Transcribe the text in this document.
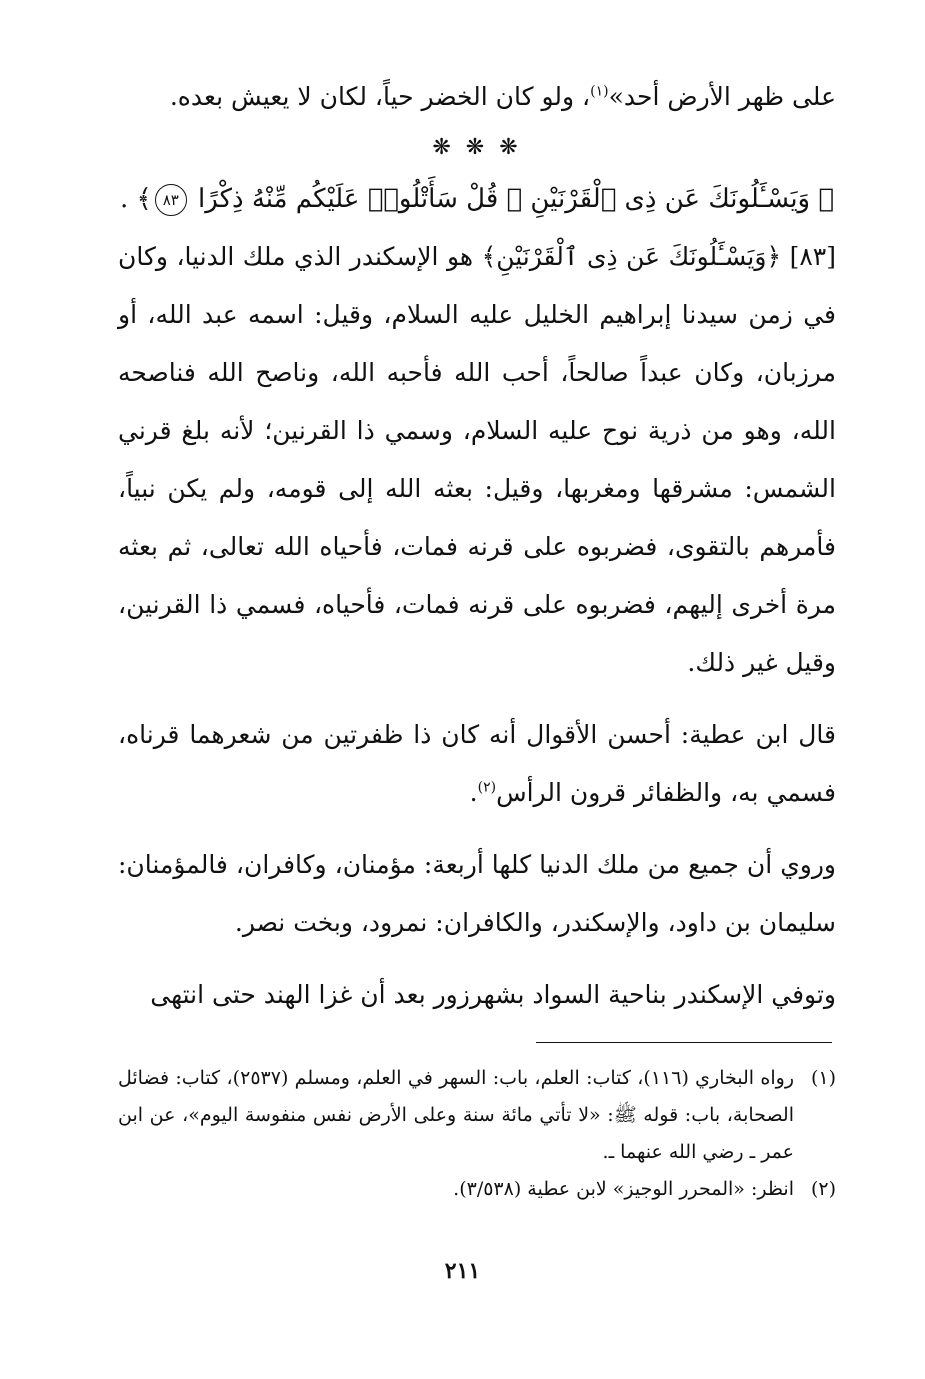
على ظهر الأرض أحد»$^{(١)}$، ولو كان الخضر حياً، لكان لا يعيش بعده.

❋ ❋ ❋

﴿ وَيَسْـَٔلُونَكَ عَن ذِى ٱلْقَرْنَيْنِ ۖ قُلْ سَأَتْلُوا۟ عَلَيْكُم مِّنْهُ ذِكْرًا ٨٣﴾ .

[٨٣] ﴿وَيَسْـَٔلُونَكَ عَن ذِى ٱلْقَرْنَيْنِ﴾ هو الإسكندر الذي ملك الدنيا، وكان في زمن سيدنا إبراهيم الخليل عليه السلام، وقيل: اسمه عبد الله، أو مرزبان، وكان عبداً صالحاً، أحب الله فأحبه الله، وناصح الله فناصحه الله، وهو من ذرية نوح عليه السلام، وسمي ذا القرنين؛ لأنه بلغ قرني الشمس: مشرقها ومغربها، وقيل: بعثه الله إلى قومه، ولم يكن نبياً، فأمرهم بالتقوى، فضربوه على قرنه فمات، فأحياه الله تعالى، ثم بعثه مرة أخرى إليهم، فضربوه على قرنه فمات، فأحياه، فسمي ذا القرنين، وقيل غير ذلك.

قال ابن عطية: أحسن الأقوال أنه كان ذا ظفرتين من شعرهما قرناه، فسمي به، والظفائر قرون الرأس$^{(٢)}$.

وروي أن جميع من ملك الدنيا كلها أربعة: مؤمنان، وكافران، فالمؤمنان: سليمان بن داود، والإسكندر، والكافران: نمرود، وبخت نصر.

وتوفي الإسكندر بناحية السواد بشهرزور بعد أن غزا الهند حتى انتهى

(١)
رواه البخاري (١١٦)، كتاب: العلم، باب: السهر في العلم، ومسلم (٢٥٣٧)، كتاب: فضائل الصحابة، باب: قوله ﷺ: «لا تأتي مائة سنة وعلى الأرض نفس منفوسة اليوم»، عن ابن عمر ـ رضي الله عنهما ـ.
(٢)
انظر: «المحرر الوجيز» لابن عطية (٣/٥٣٨).
٢١١
